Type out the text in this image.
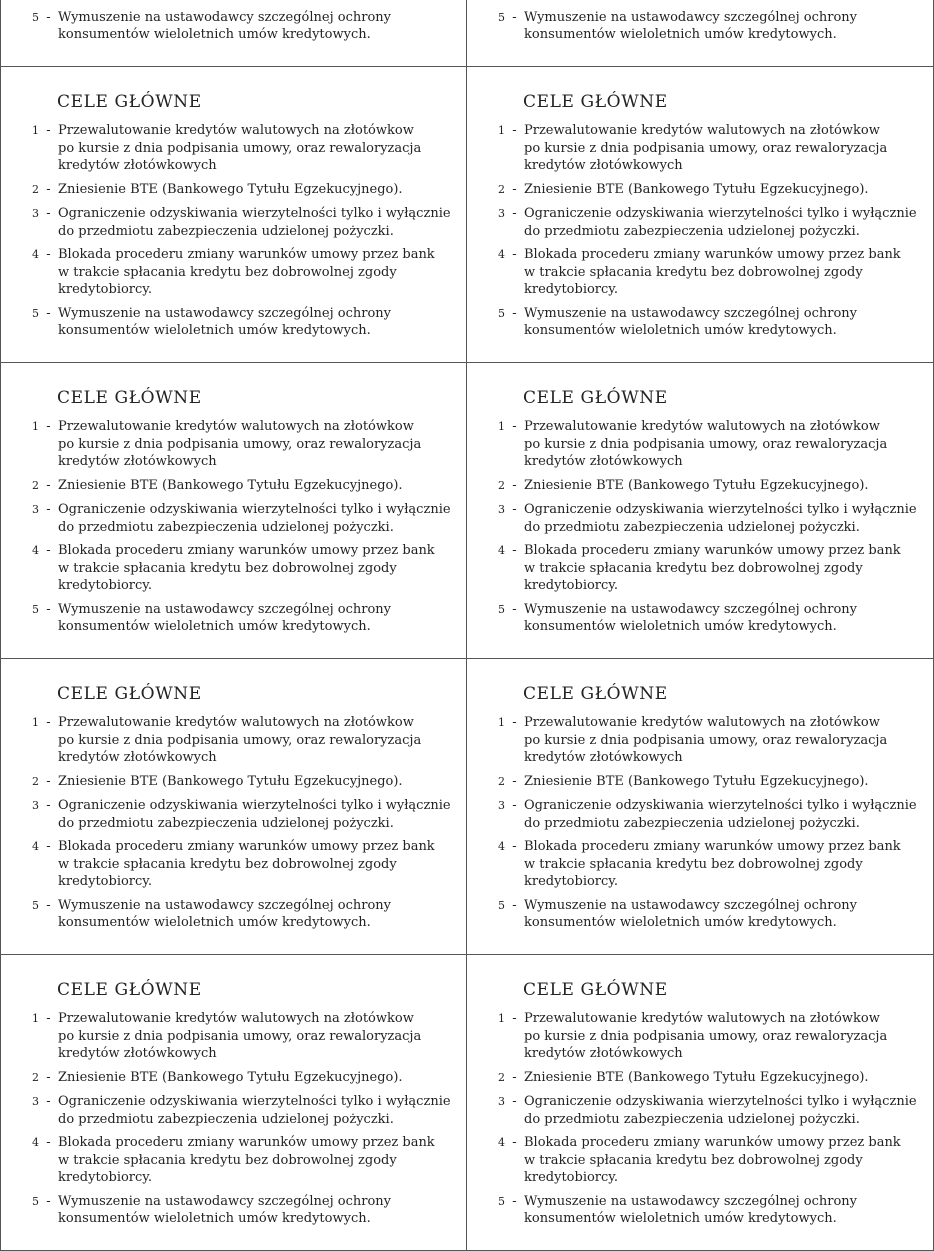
5 - Wymuszenie na ustawodawcy szczególnej ochrony
konsumentów wieloletnich umów kredytowych.
5 - Wymuszenie na ustawodawcy szczególnej ochrony
konsumentów wieloletnich umów kredytowych.
CELE GŁÓWNE
1 - Przewalutowanie kredytów walutowych na złotówkow
po kursie z dnia podpisania umowy, oraz rewaloryzacja
kredytów złotówkowych
2 - Zniesienie BTE (Bankowego Tytułu Egzekucyjnego).
3 - Ograniczenie odzyskiwania wierzytelności tylko i wyłącznie
do przedmiotu zabezpieczenia udzielonej pożyczki.
4 - Blokada procederu zmiany warunków umowy przez bank
w trakcie spłacania kredytu bez dobrowolnej zgody
kredytobiorcy.
5 - Wymuszenie na ustawodawcy szczególnej ochrony
konsumentów wieloletnich umów kredytowych.
CELE GŁÓWNE
1 - Przewalutowanie kredytów walutowych na złotówkow
po kursie z dnia podpisania umowy, oraz rewaloryzacja
kredytów złotówkowych
2 - Zniesienie BTE (Bankowego Tytułu Egzekucyjnego).
3 - Ograniczenie odzyskiwania wierzytelności tylko i wyłącznie
do przedmiotu zabezpieczenia udzielonej pożyczki.
4 - Blokada procederu zmiany warunków umowy przez bank
w trakcie spłacania kredytu bez dobrowolnej zgody
kredytobiorcy.
5 - Wymuszenie na ustawodawcy szczególnej ochrony
konsumentów wieloletnich umów kredytowych.
CELE GŁÓWNE
1 - Przewalutowanie kredytów walutowych na złotówkow
po kursie z dnia podpisania umowy, oraz rewaloryzacja
kredytów złotówkowych
2 - Zniesienie BTE (Bankowego Tytułu Egzekucyjnego).
3 - Ograniczenie odzyskiwania wierzytelności tylko i wyłącznie
do przedmiotu zabezpieczenia udzielonej pożyczki.
4 - Blokada procederu zmiany warunków umowy przez bank
w trakcie spłacania kredytu bez dobrowolnej zgody
kredytobiorcy.
5 - Wymuszenie na ustawodawcy szczególnej ochrony
konsumentów wieloletnich umów kredytowych.
CELE GŁÓWNE
1 - Przewalutowanie kredytów walutowych na złotówkow
po kursie z dnia podpisania umowy, oraz rewaloryzacja
kredytów złotówkowych
2 - Zniesienie BTE (Bankowego Tytułu Egzekucyjnego).
3 - Ograniczenie odzyskiwania wierzytelności tylko i wyłącznie
do przedmiotu zabezpieczenia udzielonej pożyczki.
4 - Blokada procederu zmiany warunków umowy przez bank
w trakcie spłacania kredytu bez dobrowolnej zgody
kredytobiorcy.
5 - Wymuszenie na ustawodawcy szczególnej ochrony
konsumentów wieloletnich umów kredytowych.
CELE GŁÓWNE
1 - Przewalutowanie kredytów walutowych na złotówkow
po kursie z dnia podpisania umowy, oraz rewaloryzacja
kredytów złotówkowych
2 - Zniesienie BTE (Bankowego Tytułu Egzekucyjnego).
3 - Ograniczenie odzyskiwania wierzytelności tylko i wyłącznie
do przedmiotu zabezpieczenia udzielonej pożyczki.
4 - Blokada procederu zmiany warunków umowy przez bank
w trakcie spłacania kredytu bez dobrowolnej zgody
kredytobiorcy.
5 - Wymuszenie na ustawodawcy szczególnej ochrony
konsumentów wieloletnich umów kredytowych.
CELE GŁÓWNE
1 - Przewalutowanie kredytów walutowych na złotówkow
po kursie z dnia podpisania umowy, oraz rewaloryzacja
kredytów złotówkowych
2 - Zniesienie BTE (Bankowego Tytułu Egzekucyjnego).
3 - Ograniczenie odzyskiwania wierzytelności tylko i wyłącznie
do przedmiotu zabezpieczenia udzielonej pożyczki.
4 - Blokada procederu zmiany warunków umowy przez bank
w trakcie spłacania kredytu bez dobrowolnej zgody
kredytobiorcy.
5 - Wymuszenie na ustawodawcy szczególnej ochrony
konsumentów wieloletnich umów kredytowych.
CELE GŁÓWNE
1 - Przewalutowanie kredytów walutowych na złotówkow
po kursie z dnia podpisania umowy, oraz rewaloryzacja
kredytów złotówkowych
2 - Zniesienie BTE (Bankowego Tytułu Egzekucyjnego).
3 - Ograniczenie odzyskiwania wierzytelności tylko i wyłącznie
do przedmiotu zabezpieczenia udzielonej pożyczki.
4 - Blokada procederu zmiany warunków umowy przez bank
w trakcie spłacania kredytu bez dobrowolnej zgody
kredytobiorcy.
5 - Wymuszenie na ustawodawcy szczególnej ochrony
konsumentów wieloletnich umów kredytowych.
CELE GŁÓWNE
1 - Przewalutowanie kredytów walutowych na złotówkow
po kursie z dnia podpisania umowy, oraz rewaloryzacja
kredytów złotówkowych
2 - Zniesienie BTE (Bankowego Tytułu Egzekucyjnego).
3 - Ograniczenie odzyskiwania wierzytelności tylko i wyłącznie
do przedmiotu zabezpieczenia udzielonej pożyczki.
4 - Blokada procederu zmiany warunków umowy przez bank
w trakcie spłacania kredytu bez dobrowolnej zgody
kredytobiorcy.
5 - Wymuszenie na ustawodawcy szczególnej ochrony
konsumentów wieloletnich umów kredytowych.
